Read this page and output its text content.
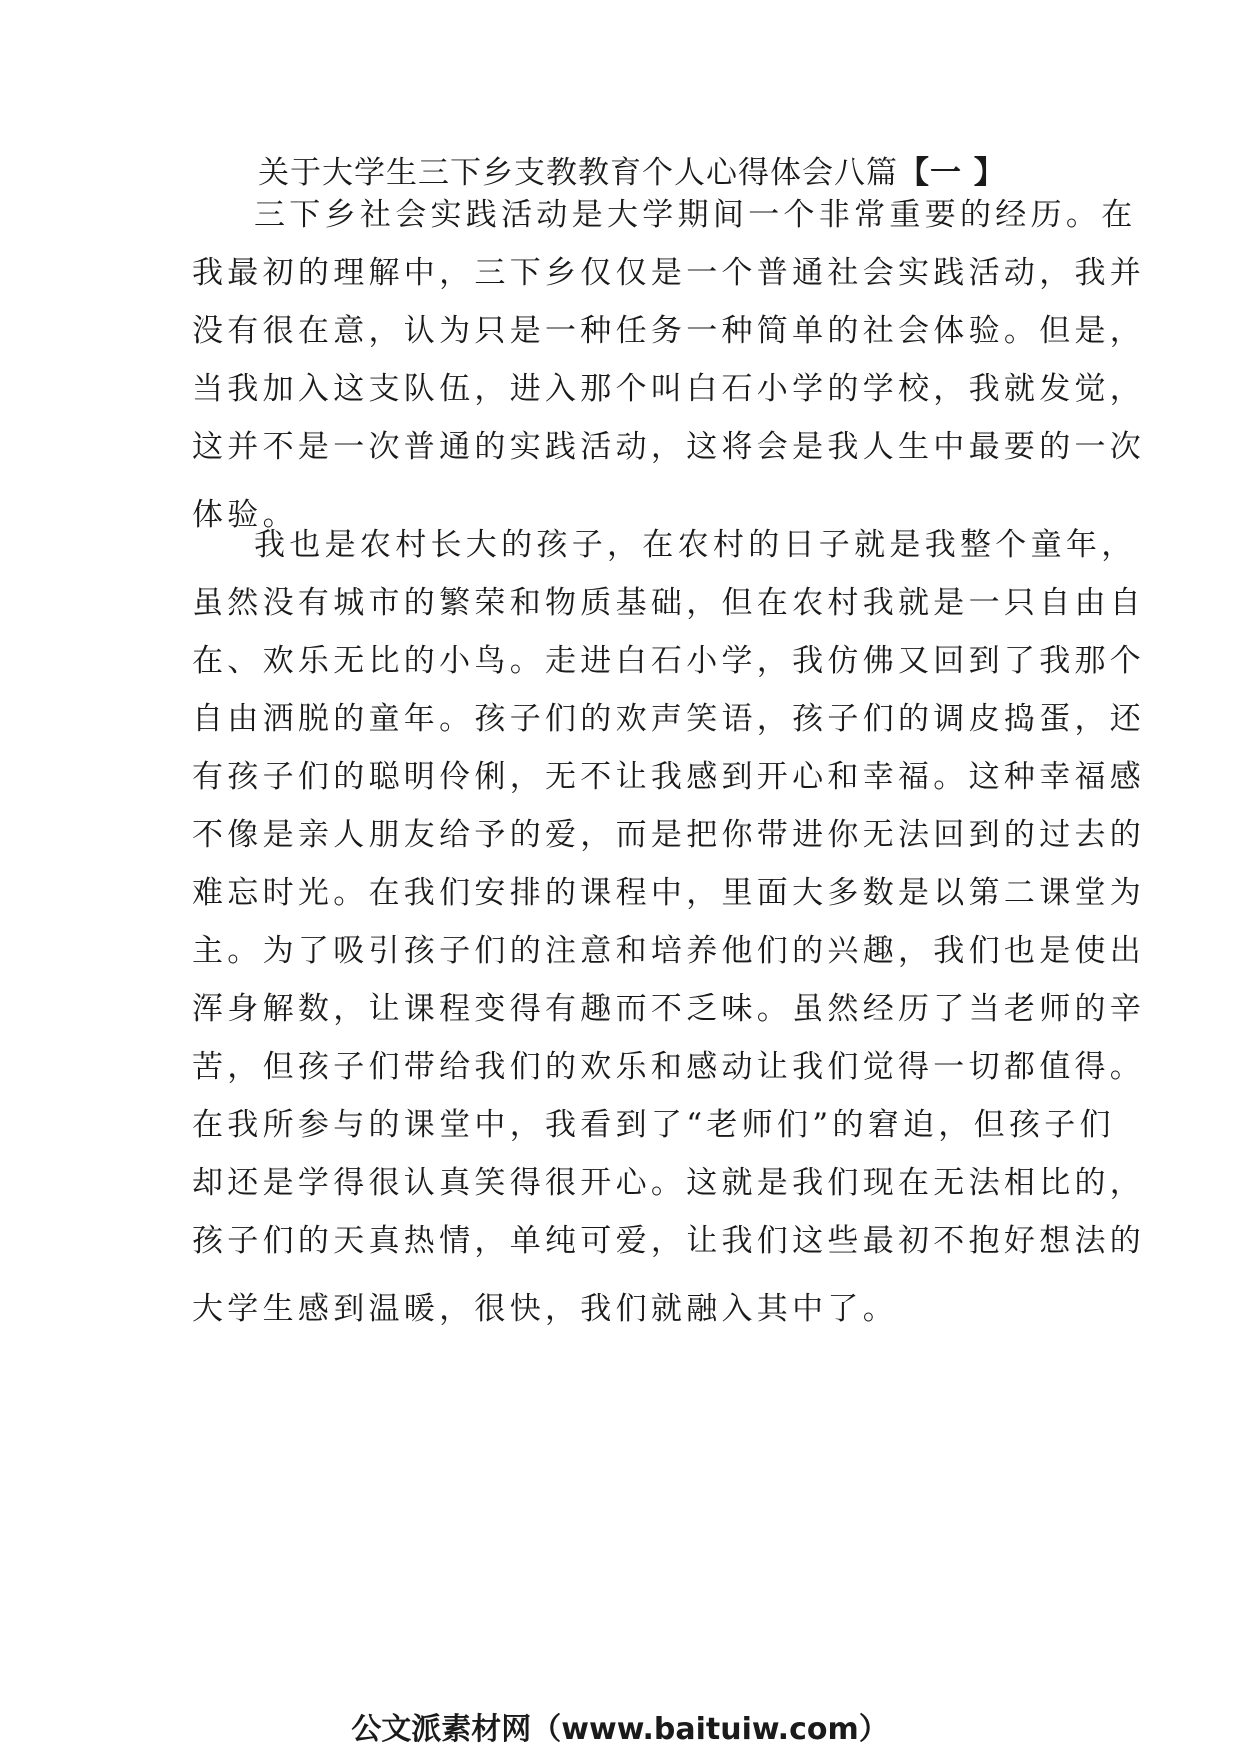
关于大学生三下乡支教教育个人心得体会八篇【一 】
三下乡社会实践活动是大学期间一个非常重要的经历。在
我最初的理解中，三下乡仅仅是一个普通社会实践活动，我并
没有很在意，认为只是一种任务一种简单的社会体验。但是，
当我加入这支队伍，进入那个叫白石小学的学校，我就发觉，
这并不是一次普通的实践活动，这将会是我人生中最要的一次
体验。
我也是农村长大的孩子，在农村的日子就是我整个童年，
虽然没有城市的繁荣和物质基础，但在农村我就是一只自由自
在、欢乐无比的小鸟。走进白石小学，我仿佛又回到了我那个
自由洒脱的童年。孩子们的欢声笑语，孩子们的调皮捣蛋，还
有孩子们的聪明伶俐，无不让我感到开心和幸福。这种幸福感
不像是亲人朋友给予的爱，而是把你带进你无法回到的过去的
难忘时光。在我们安排的课程中，里面大多数是以第二课堂为
主。为了吸引孩子们的注意和培养他们的兴趣，我们也是使出
浑身解数，让课程变得有趣而不乏味。虽然经历了当老师的辛
苦，但孩子们带给我们的欢乐和感动让我们觉得一切都值得。
在我所参与的课堂中，我看到了“老师们”的窘迫，但孩子们
却还是学得很认真笑得很开心。这就是我们现在无法相比的，
孩子们的天真热情，单纯可爱，让我们这些最初不抱好想法的
大学生感到温暖，很快，我们就融入其中了。
公文派素材网（www.baituiw.com）
